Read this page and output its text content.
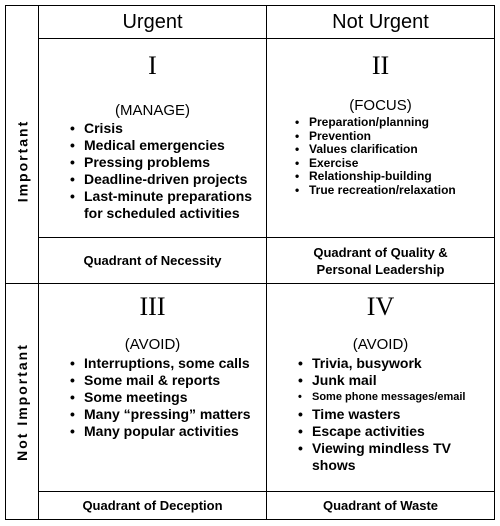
Urgent	Not Urgent
Important
Not Important
I
(MANAGE)
• Crisis
• Medical emergencies
• Pressing problems
• Deadline-driven projects
• Last-minute preparations
for scheduled activities
Quadrant of Necessity
II
(FOCUS)
• Preparation/planning
• Prevention
• Values clarification
• Exercise
• Relationship-building
• True recreation/relaxation
Quadrant of Quality &
Personal Leadership
III
(AVOID)
• Interruptions, some calls
• Some mail & reports
• Some meetings
• Many “pressing” matters
• Many popular activities
Quadrant of Deception
IV
(AVOID)
• Trivia, busywork
• Junk mail
• Some phone messages/email
• Time wasters
• Escape activities
• Viewing mindless TV
shows
Quadrant of Waste
